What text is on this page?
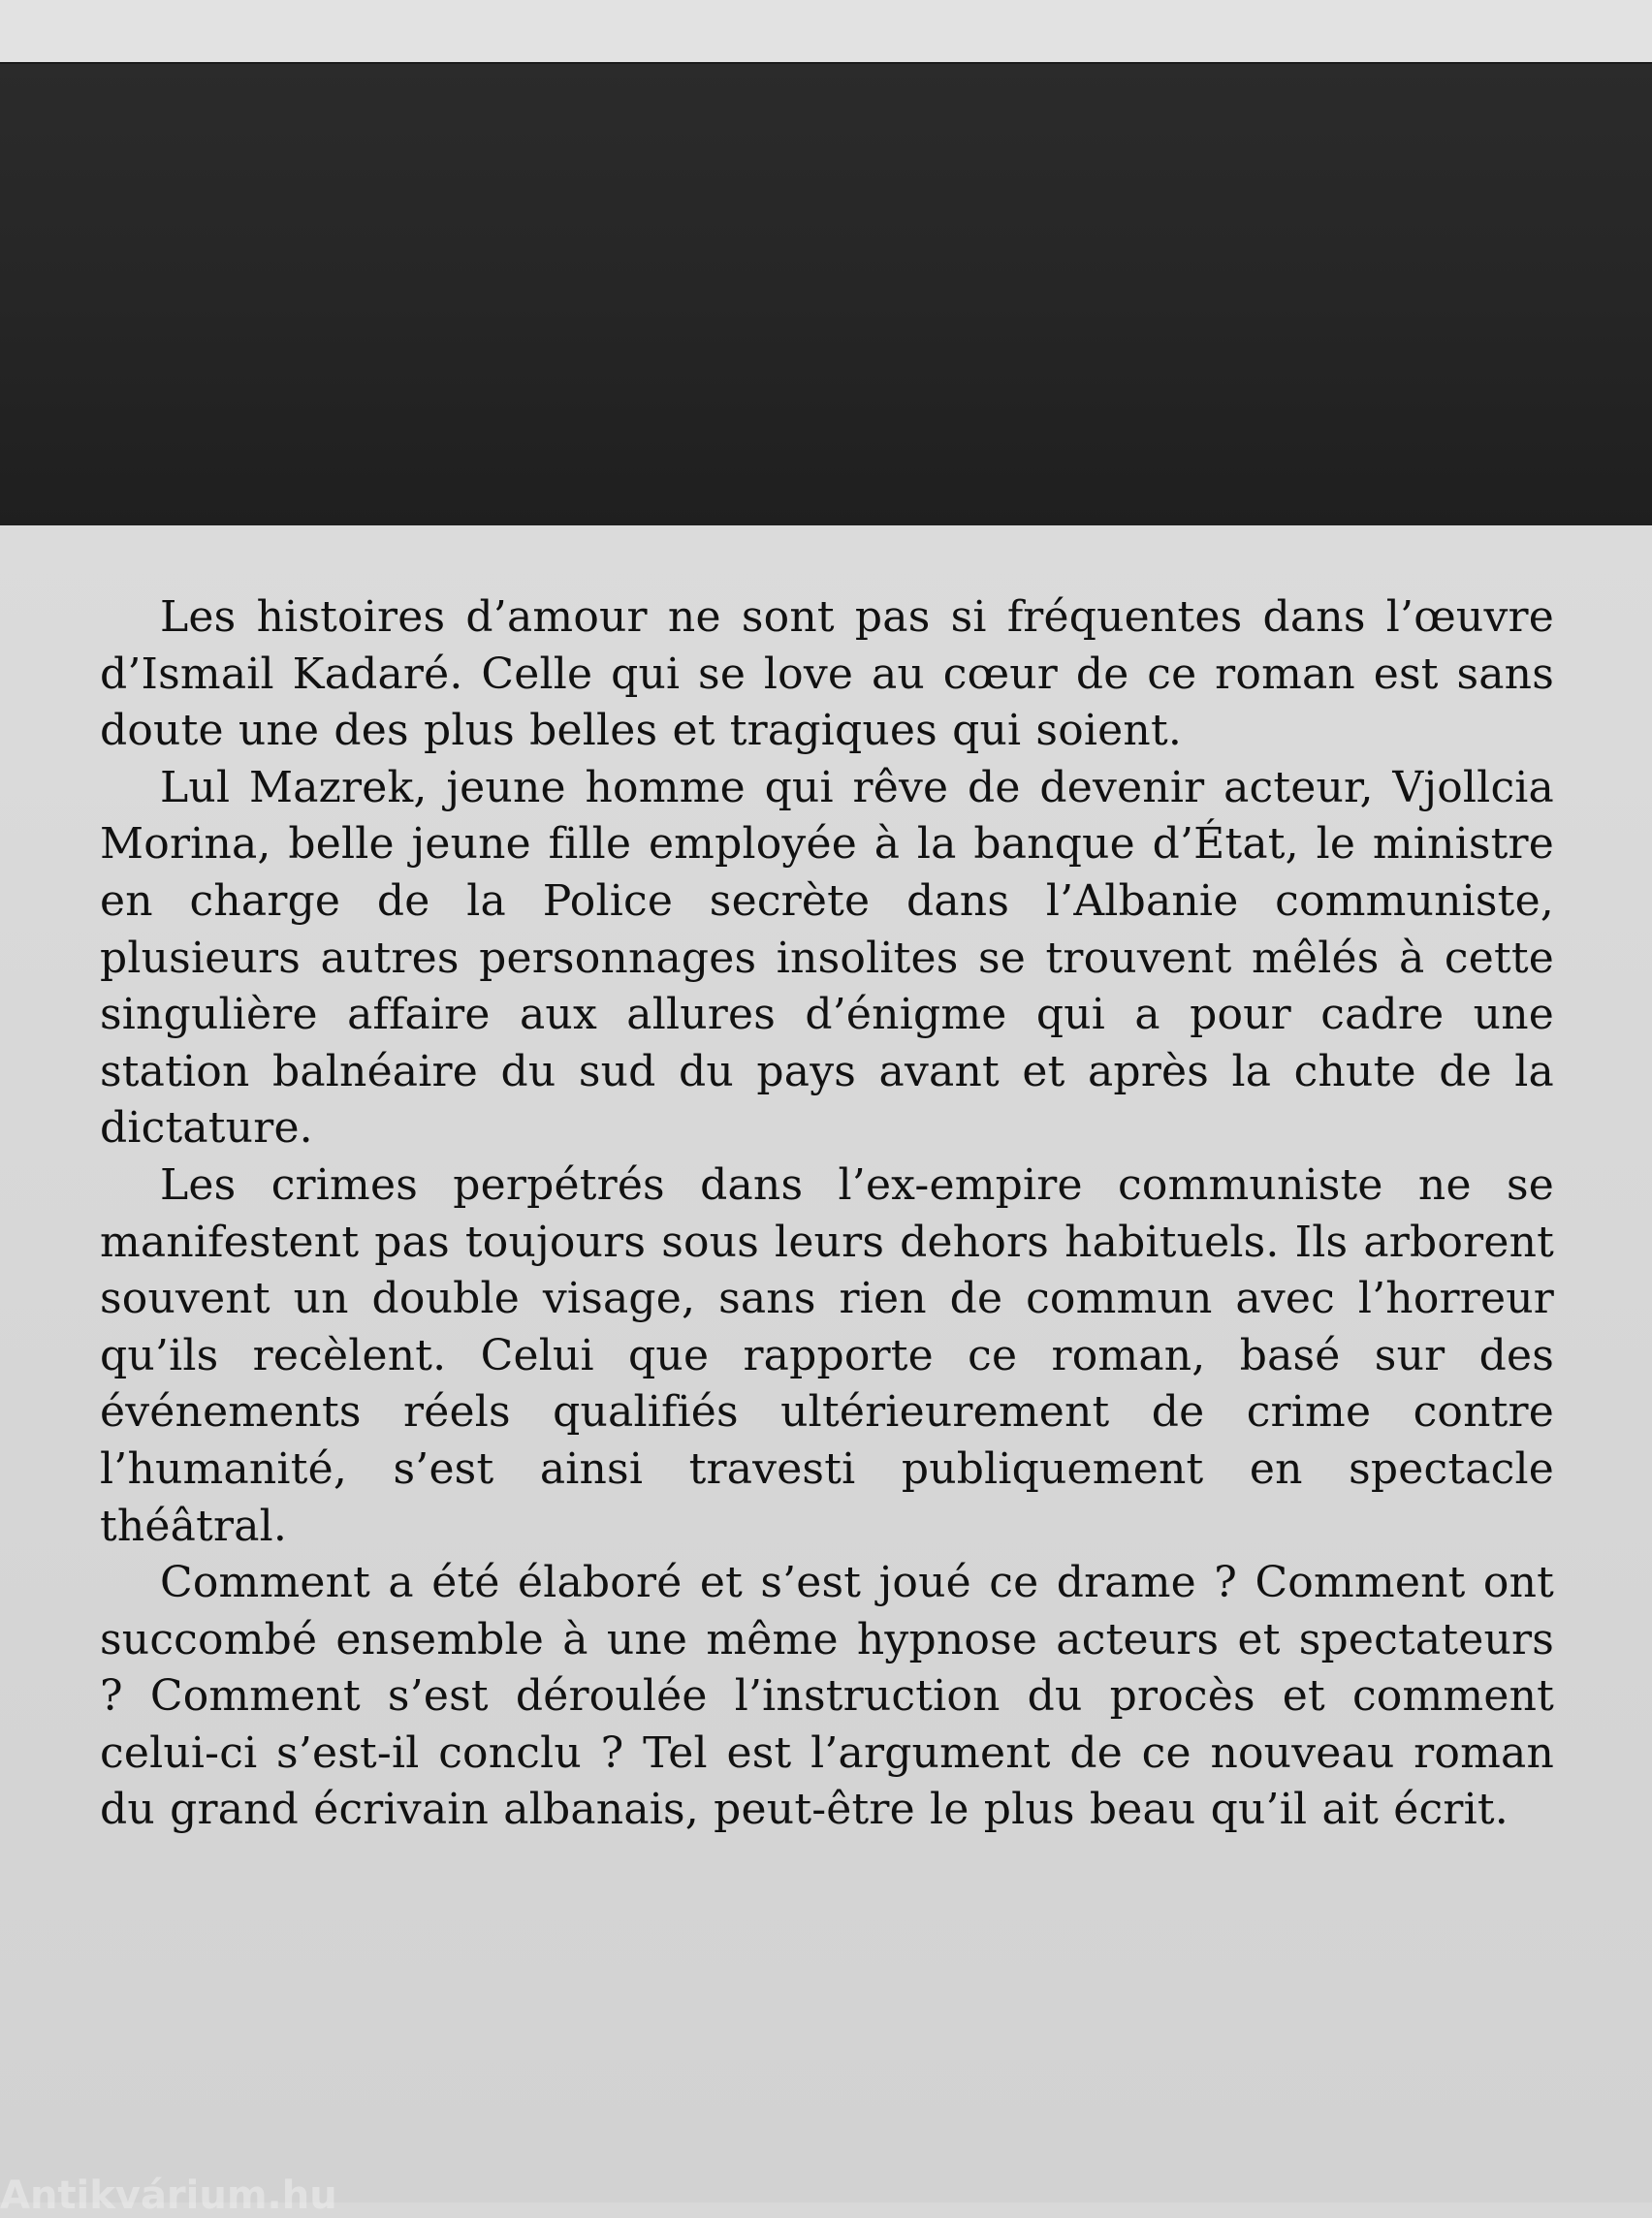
Les histoires d’amour ne sont pas si fréquentes dans l’œuvre d’Ismail Kadaré. Celle qui se love au cœur de ce roman est sans doute une des plus belles et tragiques qui soient.

Lul Mazrek, jeune homme qui rêve de devenir acteur, Vjollcia Morina, belle jeune fille employée à la banque d’État, le ministre en charge de la Police secrète dans l’Albanie communiste, plusieurs autres personnages insolites se trouvent mêlés à cette singulière affaire aux allures d’énigme qui a pour cadre une station balnéaire du sud du pays avant et après la chute de la dictature.

Les crimes perpétrés dans l’ex-empire communiste ne se manifestent pas toujours sous leurs dehors habituels. Ils arborent souvent un double visage, sans rien de commun avec l’horreur qu’ils recèlent. Celui que rapporte ce roman, basé sur des événements réels qualifiés ultérieurement de crime contre l’humanité, s’est ainsi travesti publiquement en spectacle théâtral.

Comment a été élaboré et s’est joué ce drame ? Comment ont succombé ensemble à une même hypnose acteurs et spectateurs ? Comment s’est déroulée l’instruction du procès et comment celui-ci s’est-il conclu ? Tel est l’argument de ce nouveau roman du grand écrivain albanais, peut-être le plus beau qu’il ait écrit.

Antikvárium.hu
